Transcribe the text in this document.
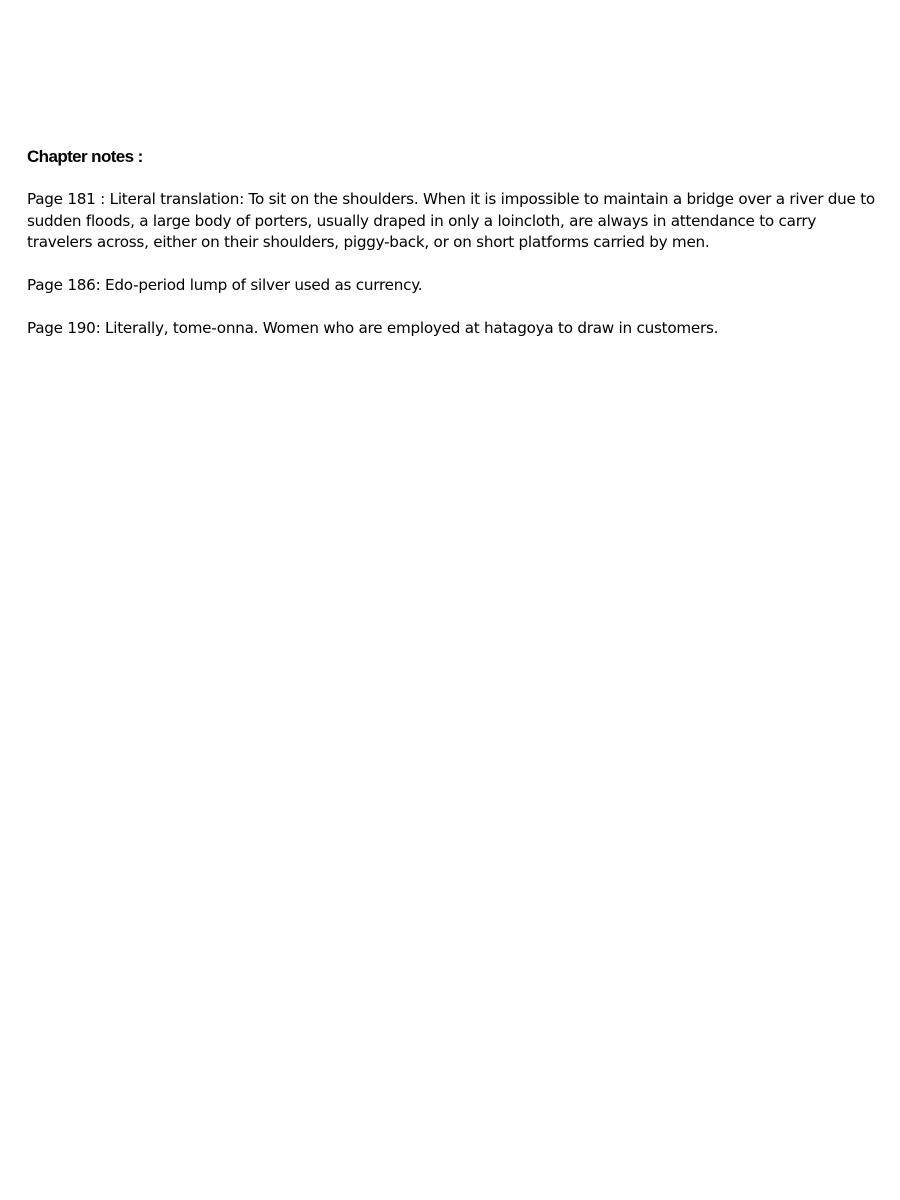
Chapter notes :

Page 181 : Literal translation: To sit on the shoulders. When it is impossible to maintain a bridge over a river due to sudden floods, a large body of porters, usually draped in only a loincloth, are always in attendance to carry travelers across, either on their shoulders, piggy-back, or on short platforms carried by men.

Page 186: Edo-period lump of silver used as currency.

Page 190: Literally, tome-onna. Women who are employed at hatagoya to draw in customers.
